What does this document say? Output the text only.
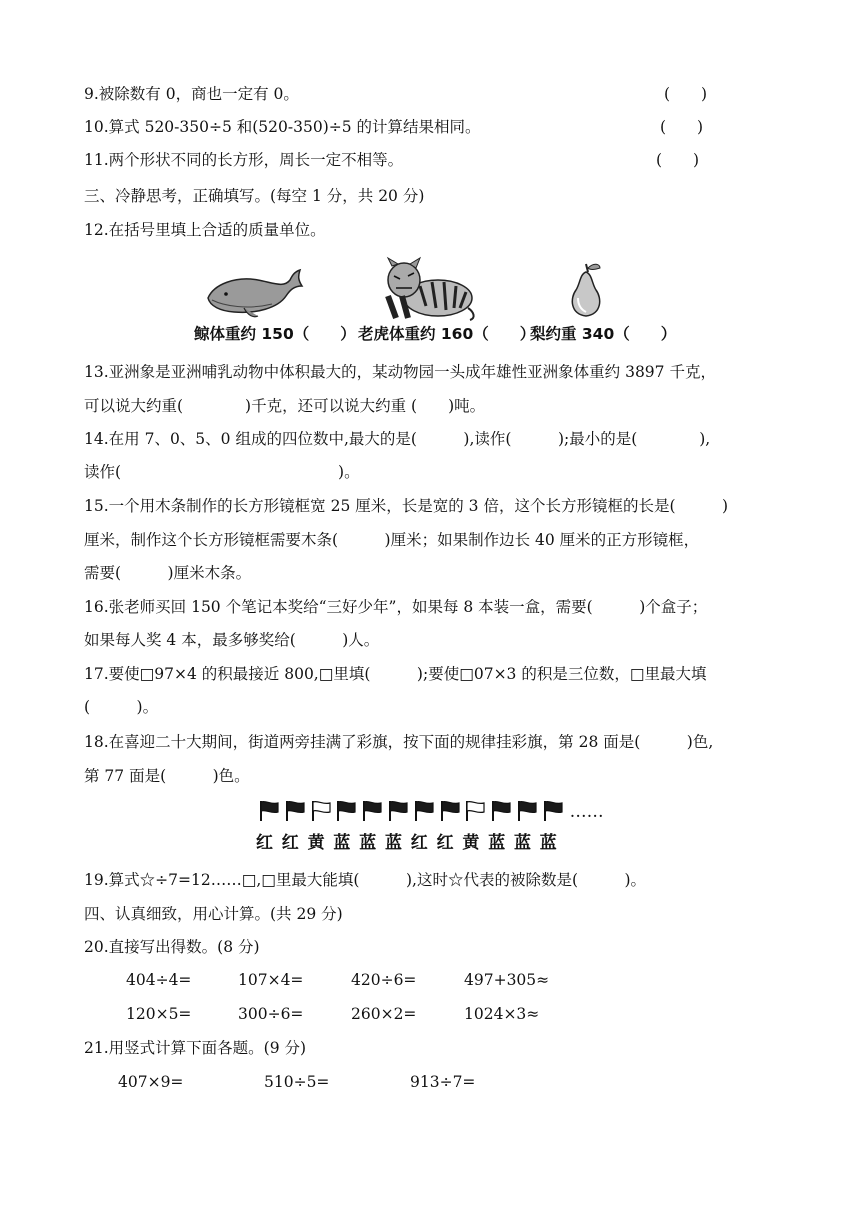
9.被除数有 0，商也一定有 0。	(　　)
10.算式 520-350÷5 和(520-350)÷5 的计算结果相同。	(　　)
11.两个形状不同的长方形，周长一定不相等。	(　　)
三、冷静思考，正确填写。(每空 1 分，共 20 分)
12.在括号里填上合适的质量单位。
鲸体重约 150（　　） 老虎体重约 160（　　）
梨约重 340（　　）
13.亚洲象是亚洲哺乳动物中体积最大的，某动物园一头成年雄性亚洲象体重约 3897 千克，
可以说大约重(　　　　)千克，还可以说大约重 (　　)吨。
14.在用 7、0、5、0 组成的四位数中,最大的是(　　　),读作(　　　);最小的是(　　　　),
读作(　　　　　　　　　　　　　　)。
15.一个用木条制作的长方形镜框宽 25 厘米，长是宽的 3 倍，这个长方形镜框的长是(　　　)
厘米，制作这个长方形镜框需要木条(　　　)厘米；如果制作边长 40 厘米的正方形镜框，
需要(　　　)厘米木条。
16.张老师买回 150 个笔记本奖给“三好少年”，如果每 8 本装一盒，需要(　　　)个盒子；
如果每人奖 4 本，最多够奖给(　　　)人。
17.要使□97×4 的积最接近 800,□里填(　　　);要使□07×3 的积是三位数，□里最大填
(　　　)。
18.在喜迎二十大期间，街道两旁挂满了彩旗，按下面的规律挂彩旗，第 28 面是(　　　)色,
第 77 面是(　　　)色。
红 红 黄 蓝 蓝 蓝 红 红 黄 蓝 蓝 蓝
……
19.算式☆÷7=12……□,□里最大能填(　　　),这时☆代表的被除数是(　　　)。
四、认真细致，用心计算。(共 29 分)
20.直接写出得数。(8 分)
404÷4=	107×4=	420÷6=	497+305≈
120×5=	300÷6=	260×2=	1024×3≈
21.用竖式计算下面各题。(9 分)
407×9=	510÷5=	913÷7=
